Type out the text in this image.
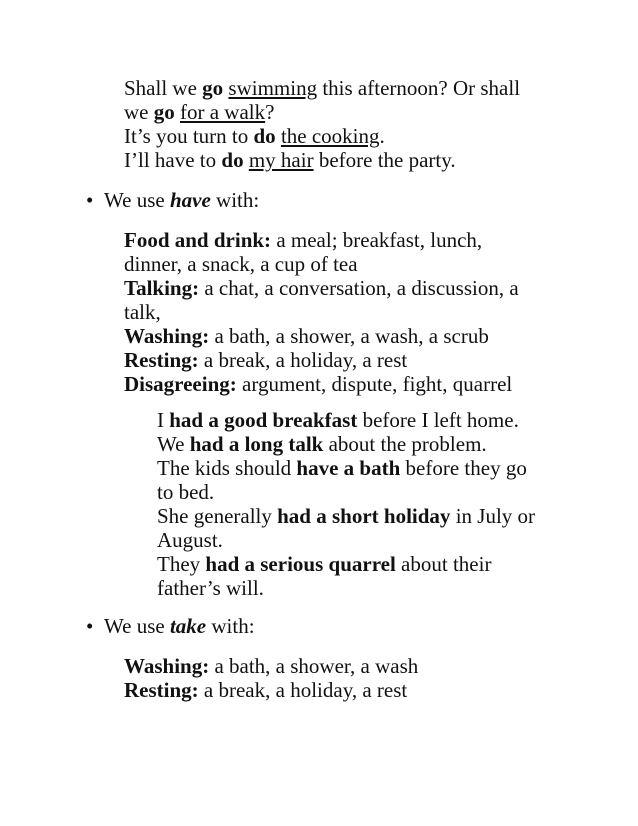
Shall we go swimming this afternoon? Or shall
we go for a walk?
It’s you turn to do the cooking.
I’ll have to do my hair before the party.
• We use have with:
Food and drink: a meal; breakfast, lunch,
dinner, a snack, a cup of tea
Talking: a chat, a conversation, a discussion, a
talk,
Washing: a bath, a shower, a wash, a scrub
Resting: a break, a holiday, a rest
Disagreeing: argument, dispute, fight, quarrel
I had a good breakfast before I left home.
We had a long talk about the problem.
The kids should have a bath before they go
to bed.
She generally had a short holiday in July or
August.
They had a serious quarrel about their
father’s will.
• We use take with:
Washing: a bath, a shower, a wash
Resting: a break, a holiday, a rest
